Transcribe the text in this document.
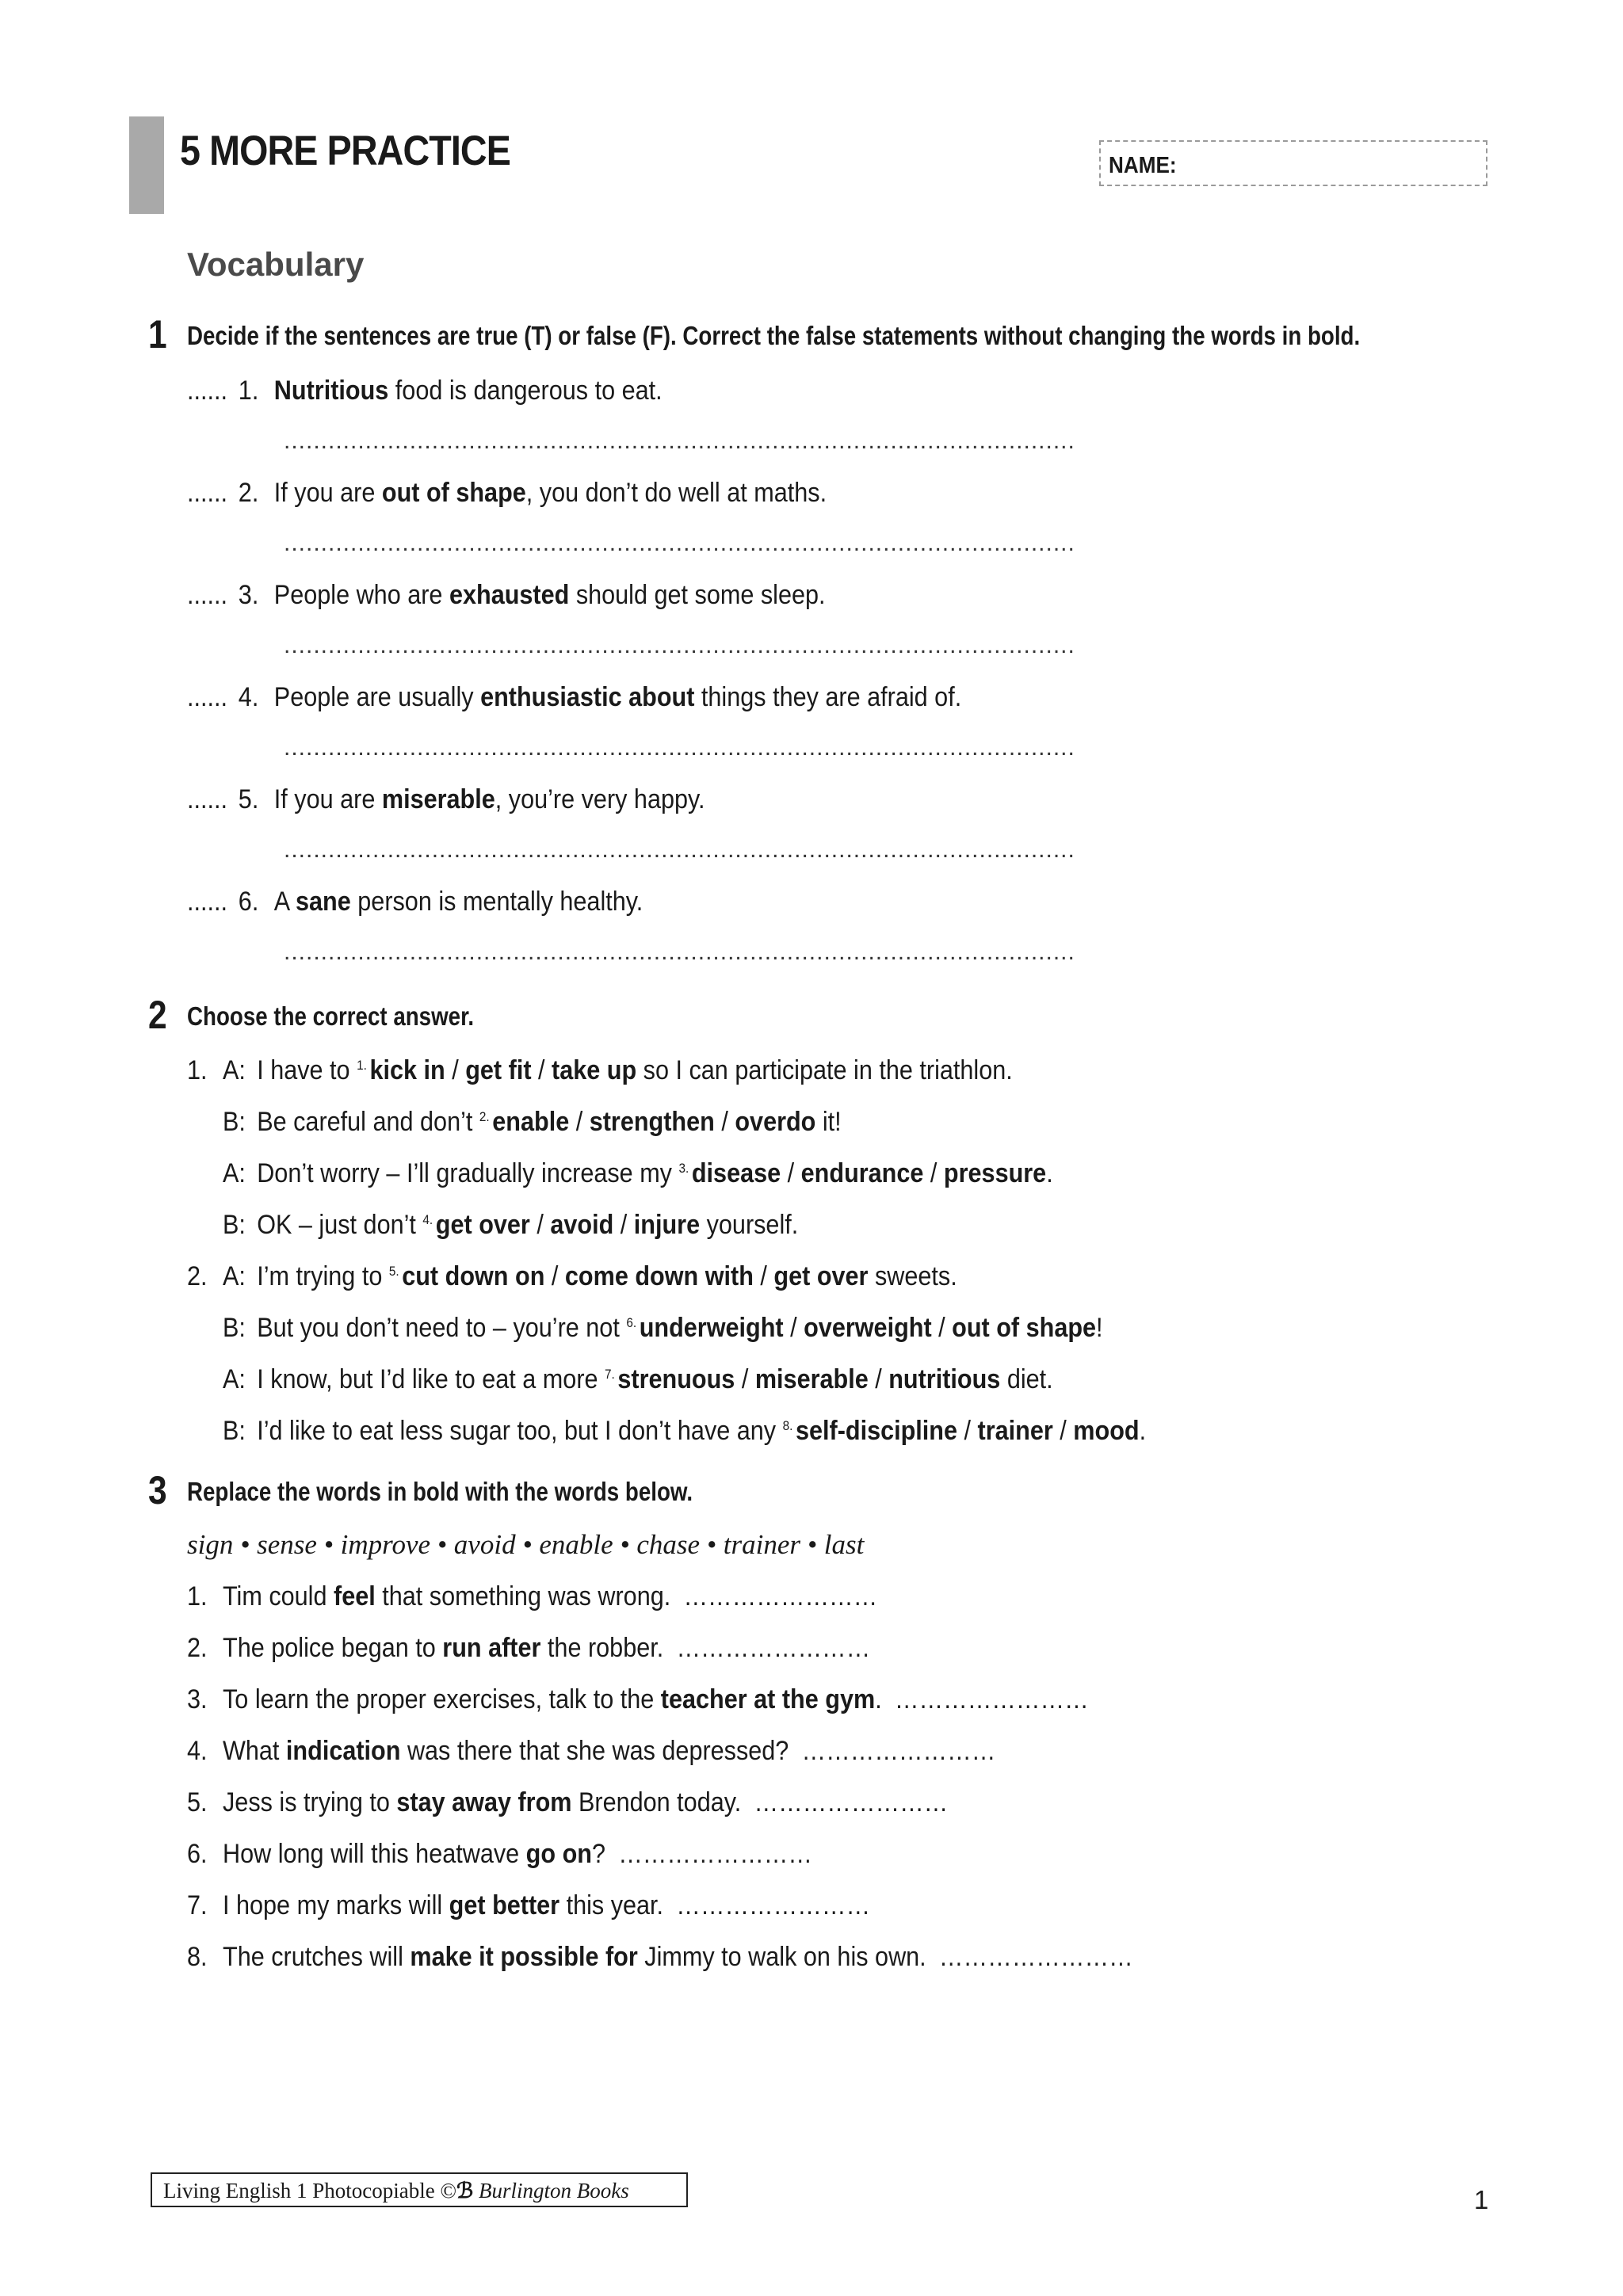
5 MORE PRACTICE	NAME:
Vocabulary
1 Decide if the sentences are true (T) or false (F). Correct the false statements without changing the words in bold.
...... 1. Nutritious food is dangerous to eat.
...........................................................................................................
...... 2. If you are out of shape, you don’t do well at maths.
...........................................................................................................
...... 3. People who are exhausted should get some sleep.
...........................................................................................................
...... 4. People are usually enthusiastic about things they are afraid of.
...........................................................................................................
...... 5. If you are miserable, you’re very happy.
...........................................................................................................
...... 6. A sane person is mentally healthy.
...........................................................................................................
2 Choose the correct answer.
1. A: I have to $^{1.}$ kick in / get fit / take up so I can participate in the triathlon.
B: Be careful and don’t $^{2.}$ enable / strengthen / overdo it!
A: Don’t worry – I’ll gradually increase my $^{3.}$ disease / endurance / pressure.
B: OK – just don’t $^{4.}$ get over / avoid / injure yourself.
2. A: I’m trying to $^{5.}$ cut down on / come down with / get over sweets.
B: But you don’t need to – you’re not $^{6.}$ underweight / overweight / out of shape!
A: I know, but I’d like to eat a more $^{7.}$ strenuous / miserable / nutritious diet.
B: I’d like to eat less sugar too, but I don’t have any $^{8.}$ self-discipline / trainer / mood.
3 Replace the words in bold with the words below.
sign • sense • improve • avoid • enable • chase • trainer • last
1. Tim could feel that something was wrong. ……………………
2. The police began to run after the robber. ……………………
3. To learn the proper exercises, talk to the teacher at the gym. ……………………
4. What indication was there that she was depressed? ……………………
5. Jess is trying to stay away from Brendon today. ……………………
6. How long will this heatwave go on? ……………………
7. I hope my marks will get better this year. ……………………
8. The crutches will make it possible for Jimmy to walk on his own. ……………………
Living English 1 Photocopiable ©ℬ Burlington Books	1
